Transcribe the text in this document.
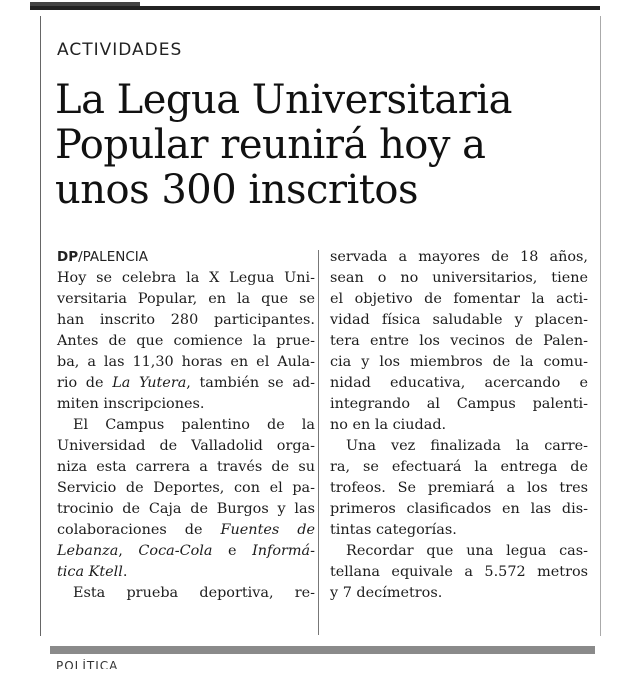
ACTIVIDADES
La Legua Universitaria
Popular reunirá hoy a
unos 300 inscritos
DP/PALENCIA
Hoy se celebra la X Legua Uni-
versitaria Popular, en la que se
han inscrito 280 participantes.
Antes de que comience la prue-
ba, a las 11,30 horas en el Aula-
rio de La Yutera, también se ad-
miten inscripciones.
El Campus palentino de la
Universidad de Valladolid orga-
niza esta carrera a través de su
Servicio de Deportes, con el pa-
trocinio de Caja de Burgos y las
colaboraciones de Fuentes de
Lebanza, Coca-Cola e Informá-
tica Ktell.
Esta prueba deportiva, re-
servada a mayores de 18 años,
sean o no universitarios, tiene
el objetivo de fomentar la acti-
vidad física saludable y placen-
tera entre los vecinos de Palen-
cia y los miembros de la comu-
nidad educativa, acercando e
integrando al Campus palenti-
no en la ciudad.
Una vez finalizada la carre-
ra, se efectuará la entrega de
trofeos. Se premiará a los tres
primeros clasificados en las dis-
tintas categorías.
Recordar que una legua cas-
tellana equivale a 5.572 metros
y 7 decímetros.
POLÍTICA
